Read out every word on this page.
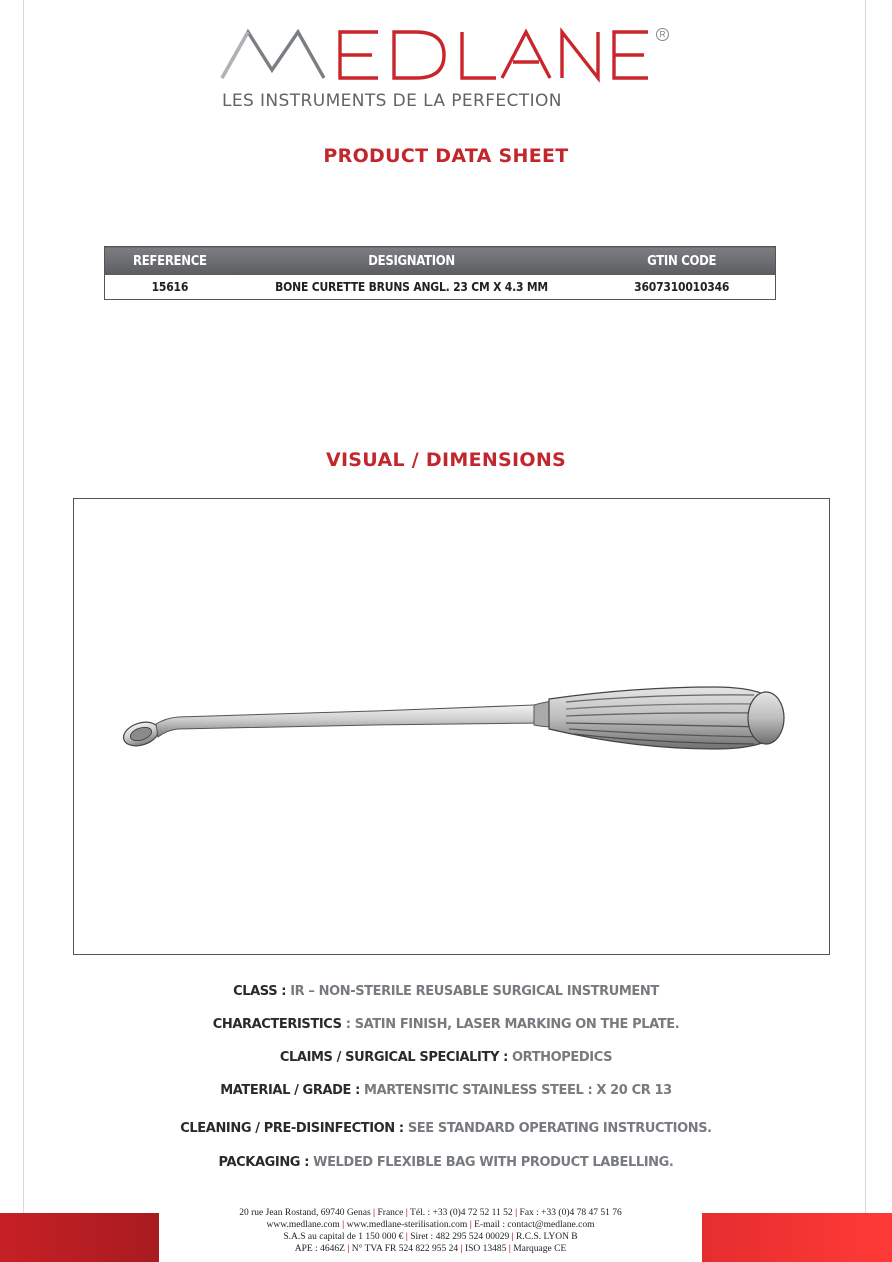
R
LES INSTRUMENTS DE LA PERFECTION
PRODUCT DATA SHEET
REFERENCE	DESIGNATION	GTIN CODE
15616	BONE CURETTE BRUNS ANGL. 23 CM X 4.3 MM	3607310010346
VISUAL / DIMENSIONS
CLASS : IR – NON-STERILE REUSABLE SURGICAL INSTRUMENT
CHARACTERISTICS : SATIN FINISH, LASER MARKING ON THE PLATE.
CLAIMS / SURGICAL SPECIALITY : ORTHOPEDICS
MATERIAL / GRADE : MARTENSITIC STAINLESS STEEL : X 20 CR 13
CLEANING / PRE-DISINFECTION : SEE STANDARD OPERATING INSTRUCTIONS.
PACKAGING : WELDED FLEXIBLE BAG WITH PRODUCT LABELLING.
20 rue Jean Rostand, 69740 Genas | France | Tél. : +33 (0)4 72 52 11 52 | Fax : +33 (0)4 78 47 51 76
www.medlane.com | www.medlane-sterilisation.com | E-mail : contact@medlane.com
S.A.S au capital de 1 150 000 € | Siret : 482 295 524 00029 | R.C.S. LYON B
APE : 4646Z | N° TVA FR 524 822 955 24 | ISO 13485 | Marquage CE
